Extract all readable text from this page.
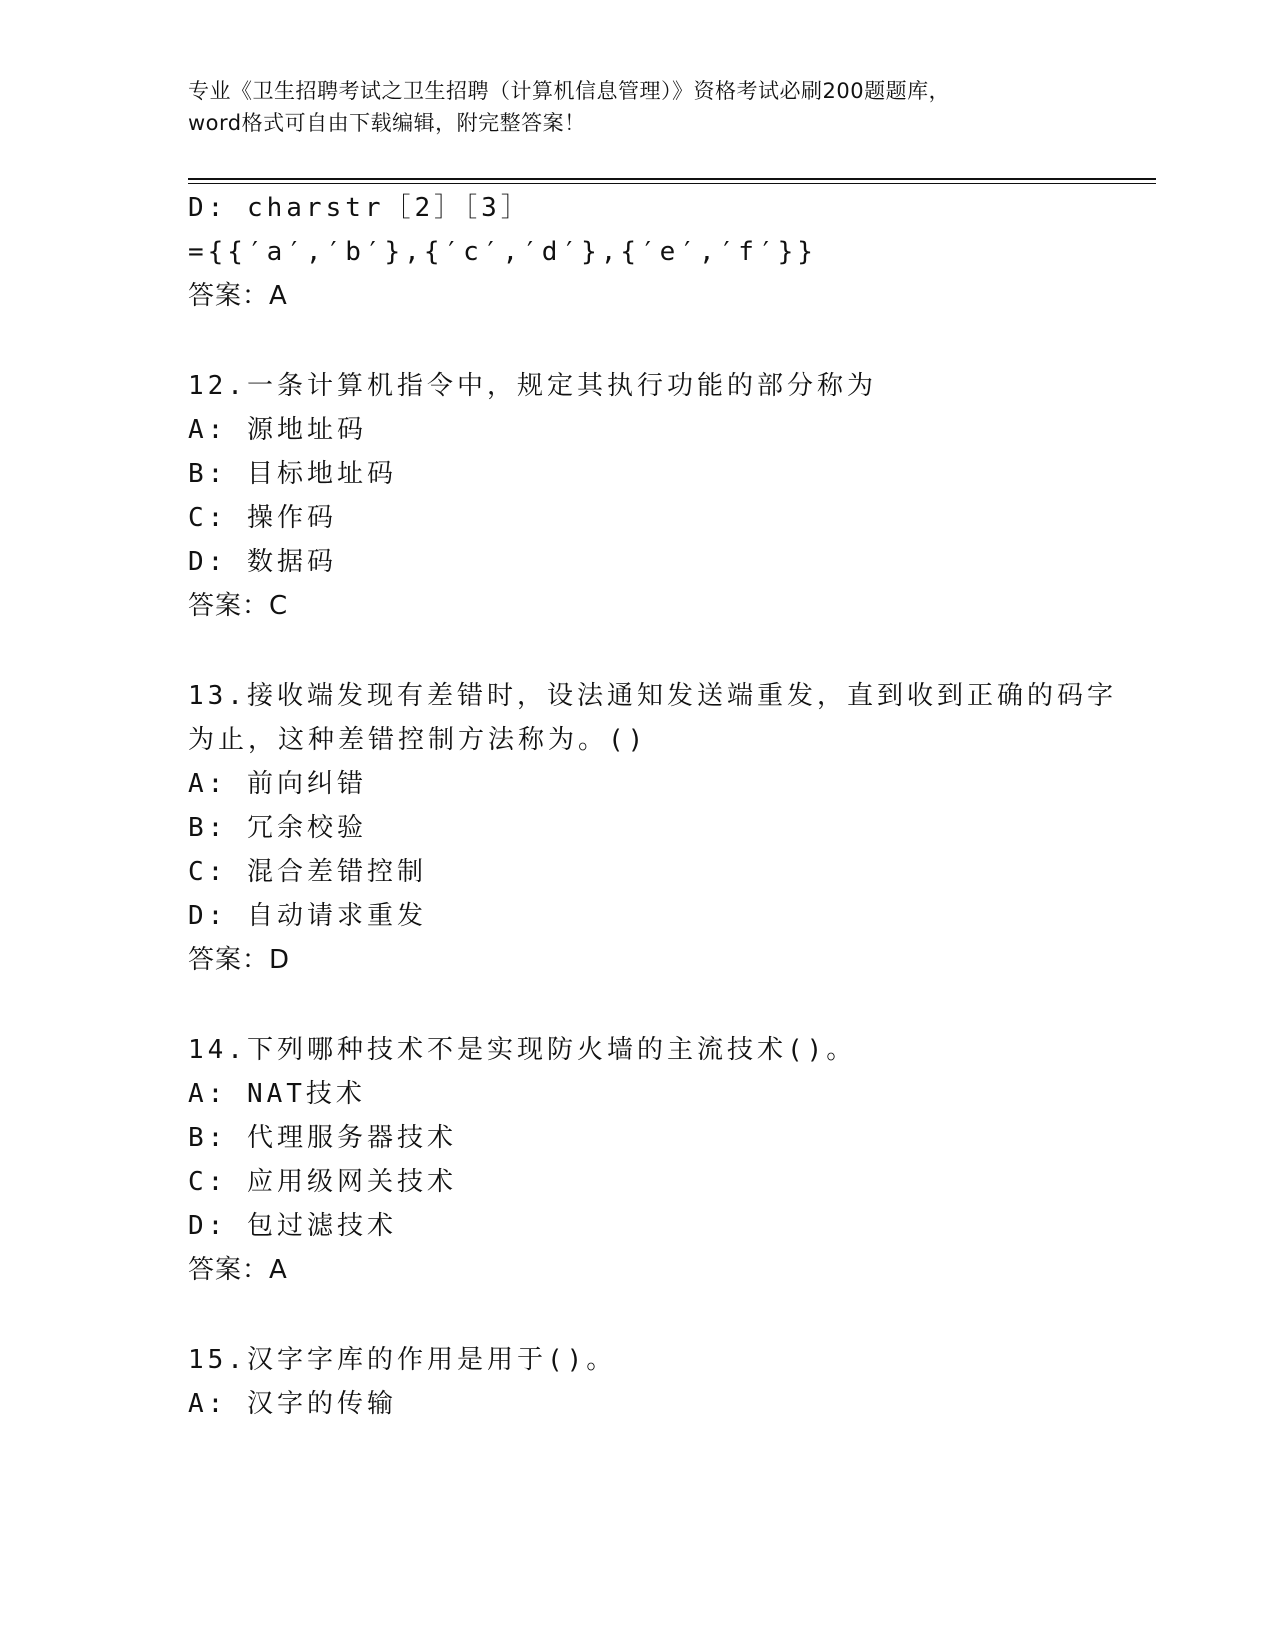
专业《卫生招聘考试之卫生招聘（计算机信息管理）》资格考试必刷200题题库，
word格式可自由下载编辑，附完整答案！
D: charstr［2］［3］
={{′a′,′b′},{′c′,′d′},{′e′,′f′}}
答案：A
12.一条计算机指令中，规定其执行功能的部分称为
A: 源地址码
B: 目标地址码
C: 操作码
D: 数据码
答案：C
13.接收端发现有差错时，设法通知发送端重发，直到收到正确的码字
为止，这种差错控制方法称为。()
A: 前向纠错
B: 冗余校验
C: 混合差错控制
D: 自动请求重发
答案：D
14.下列哪种技术不是实现防火墙的主流技术()。
A: NAT技术
B: 代理服务器技术
C: 应用级网关技术
D: 包过滤技术
答案：A
15.汉字字库的作用是用于()。
A: 汉字的传输
